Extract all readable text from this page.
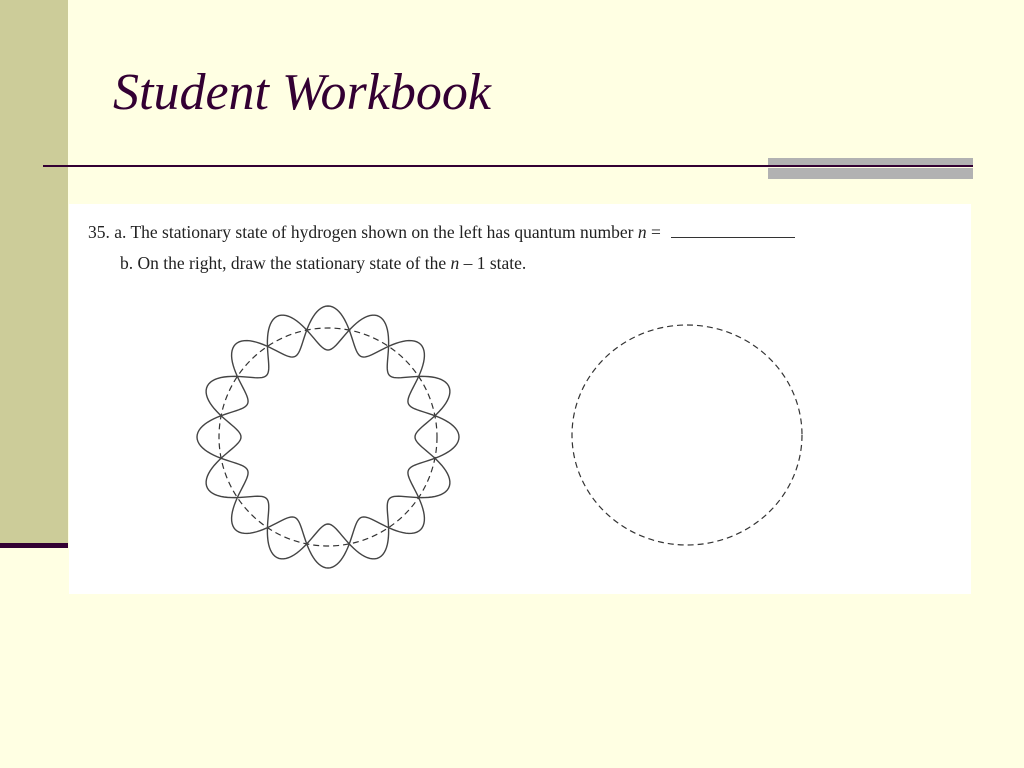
Student Workbook

35. a. The stationary state of hydrogen shown on the left has quantum number n =

b. On the right, draw the stationary state of the n – 1 state.
